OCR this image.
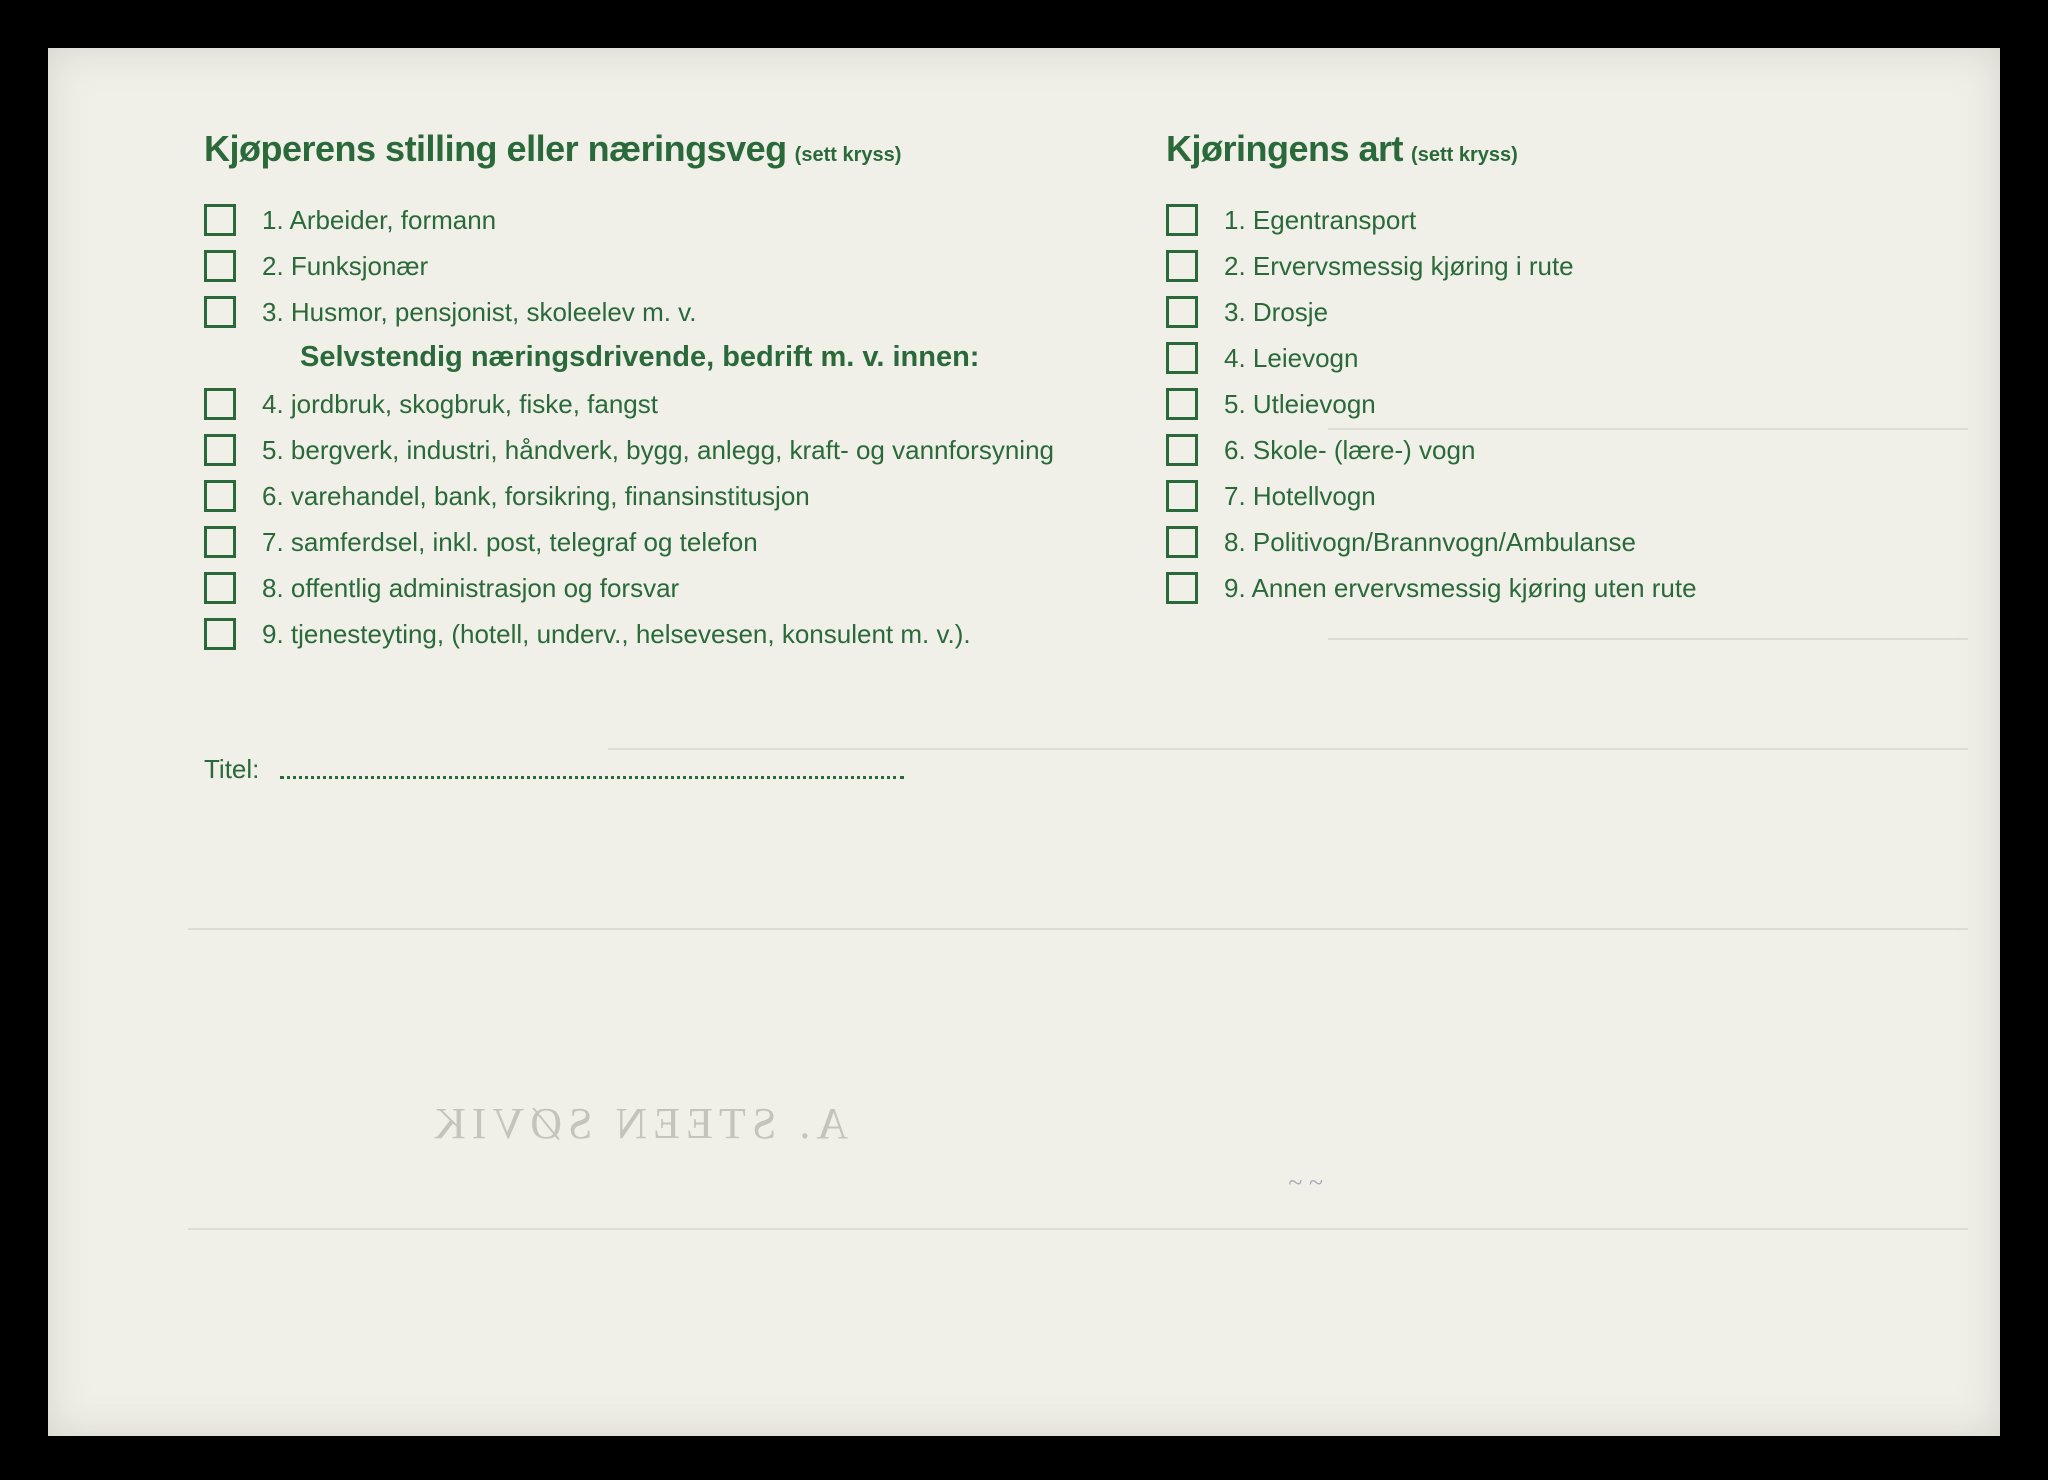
A. STEEN SØVIK
~ ~
Kjøperens stilling eller næringsveg (sett kryss)
1. Arbeider, formann
2. Funksjonær
3. Husmor, pensjonist, skoleelev m. v.
Selvstendig næringsdrivende, bedrift m. v. innen:
4. jordbruk, skogbruk, fiske, fangst
5. bergverk, industri, håndverk, bygg, anlegg, kraft- og vannforsyning
6. varehandel, bank, forsikring, finansinstitusjon
7. samferdsel, inkl. post, telegraf og telefon
8. offentlig administrasjon og forsvar
9. tjenesteyting, (hotell, underv., helsevesen, konsulent m. v.).
Titel:
Kjøringens art (sett kryss)
1. Egentransport
2. Ervervsmessig kjøring i rute
3. Drosje
4. Leievogn
5. Utleievogn
6. Skole- (lære-) vogn
7. Hotellvogn
8. Politivogn/Brannvogn/Ambulanse
9. Annen ervervsmessig kjøring uten rute
